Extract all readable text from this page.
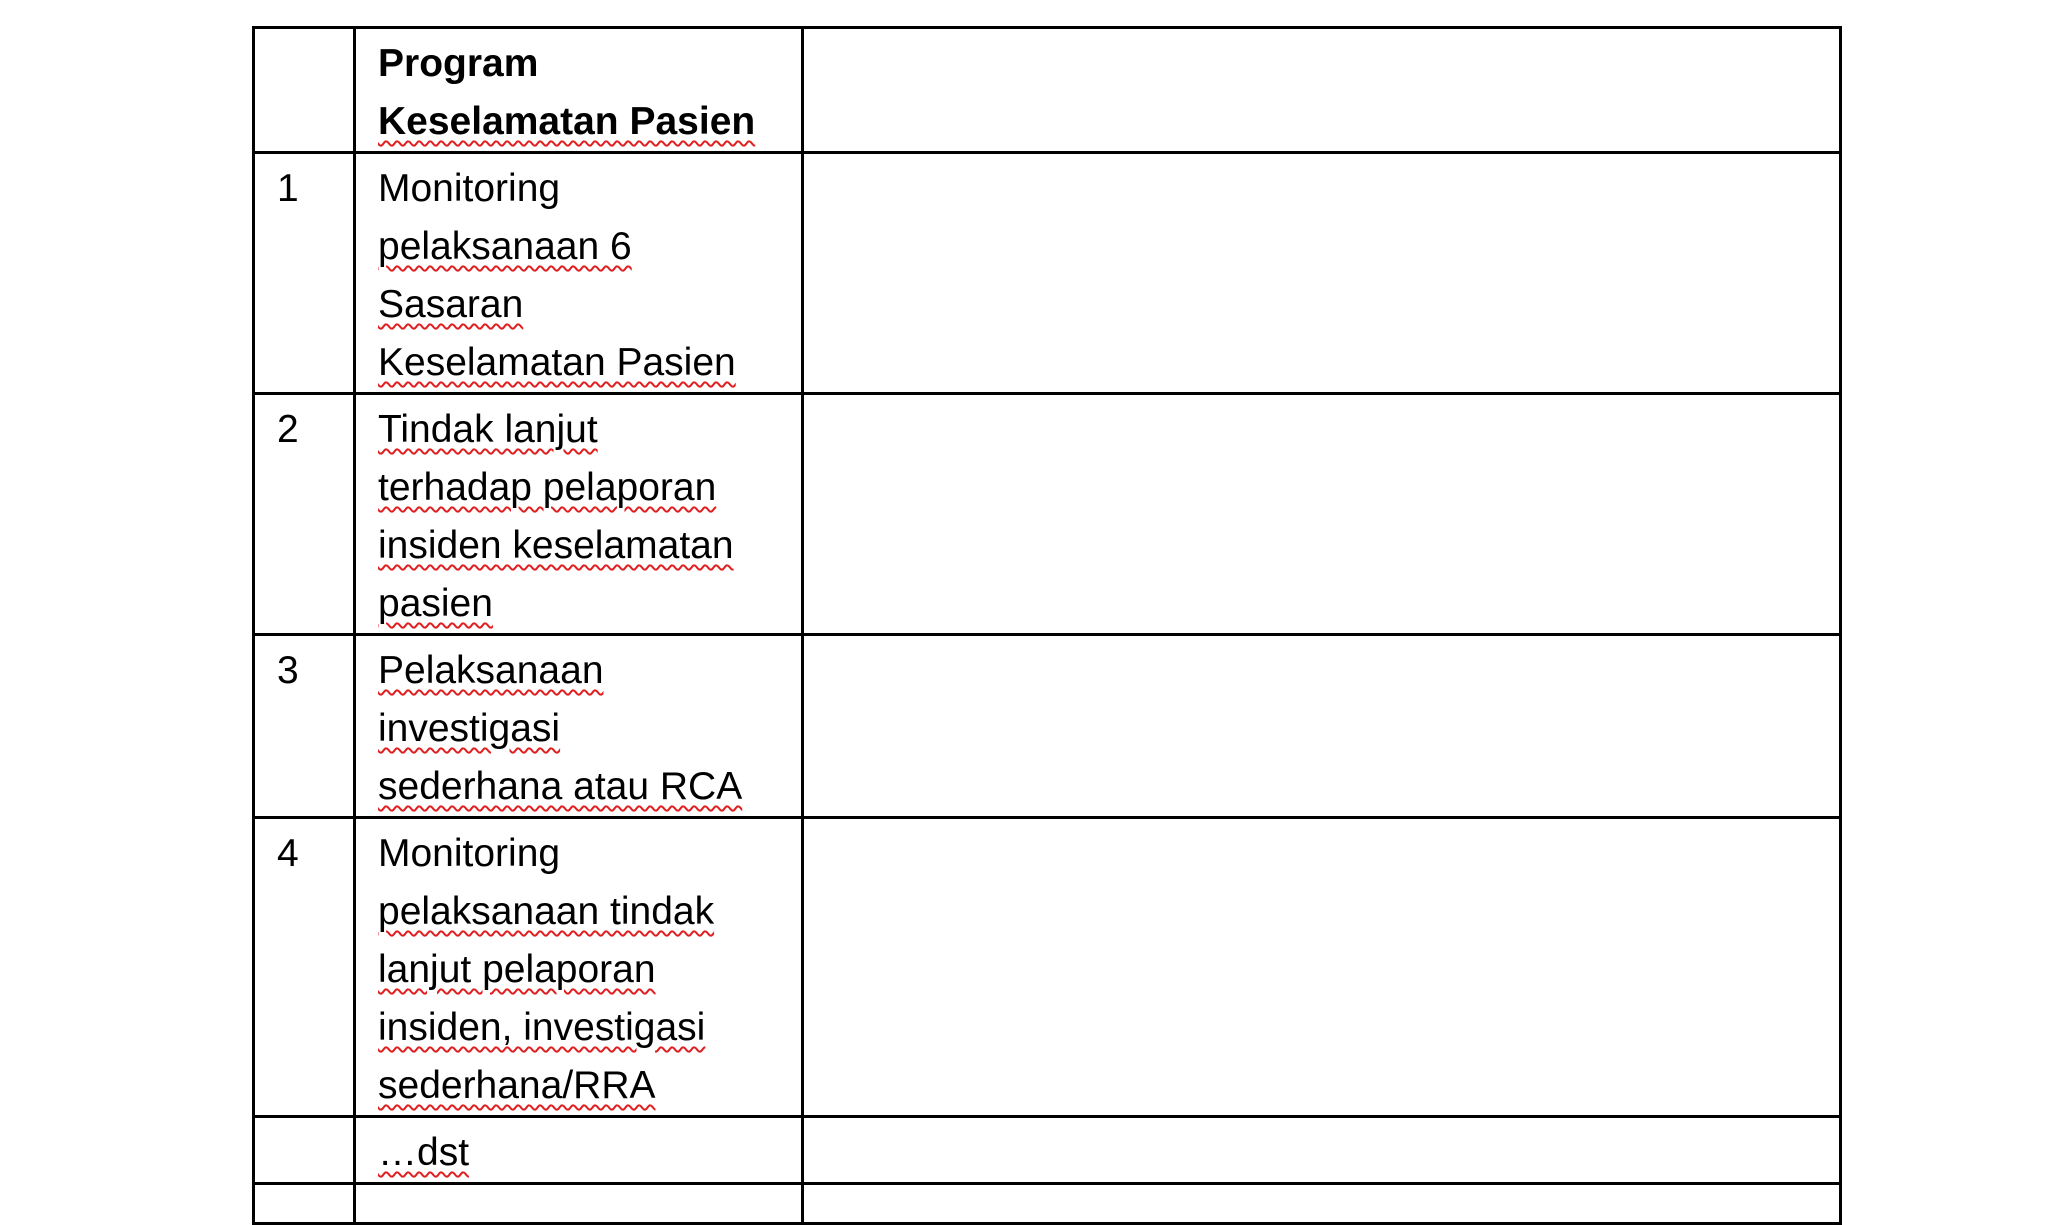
	Program
Keselamatan Pasien	

1	Monitoring
pelaksanaan 6
Sasaran
Keselamatan Pasien	

2	Tindak lanjut
terhadap pelaporan
insiden keselamatan
pasien	

3	Pelaksanaan
investigasi
sederhana atau RCA	

4	Monitoring
pelaksanaan tindak
lanjut pelaporan
insiden, investigasi
sederhana/RRA	

	…dst	
